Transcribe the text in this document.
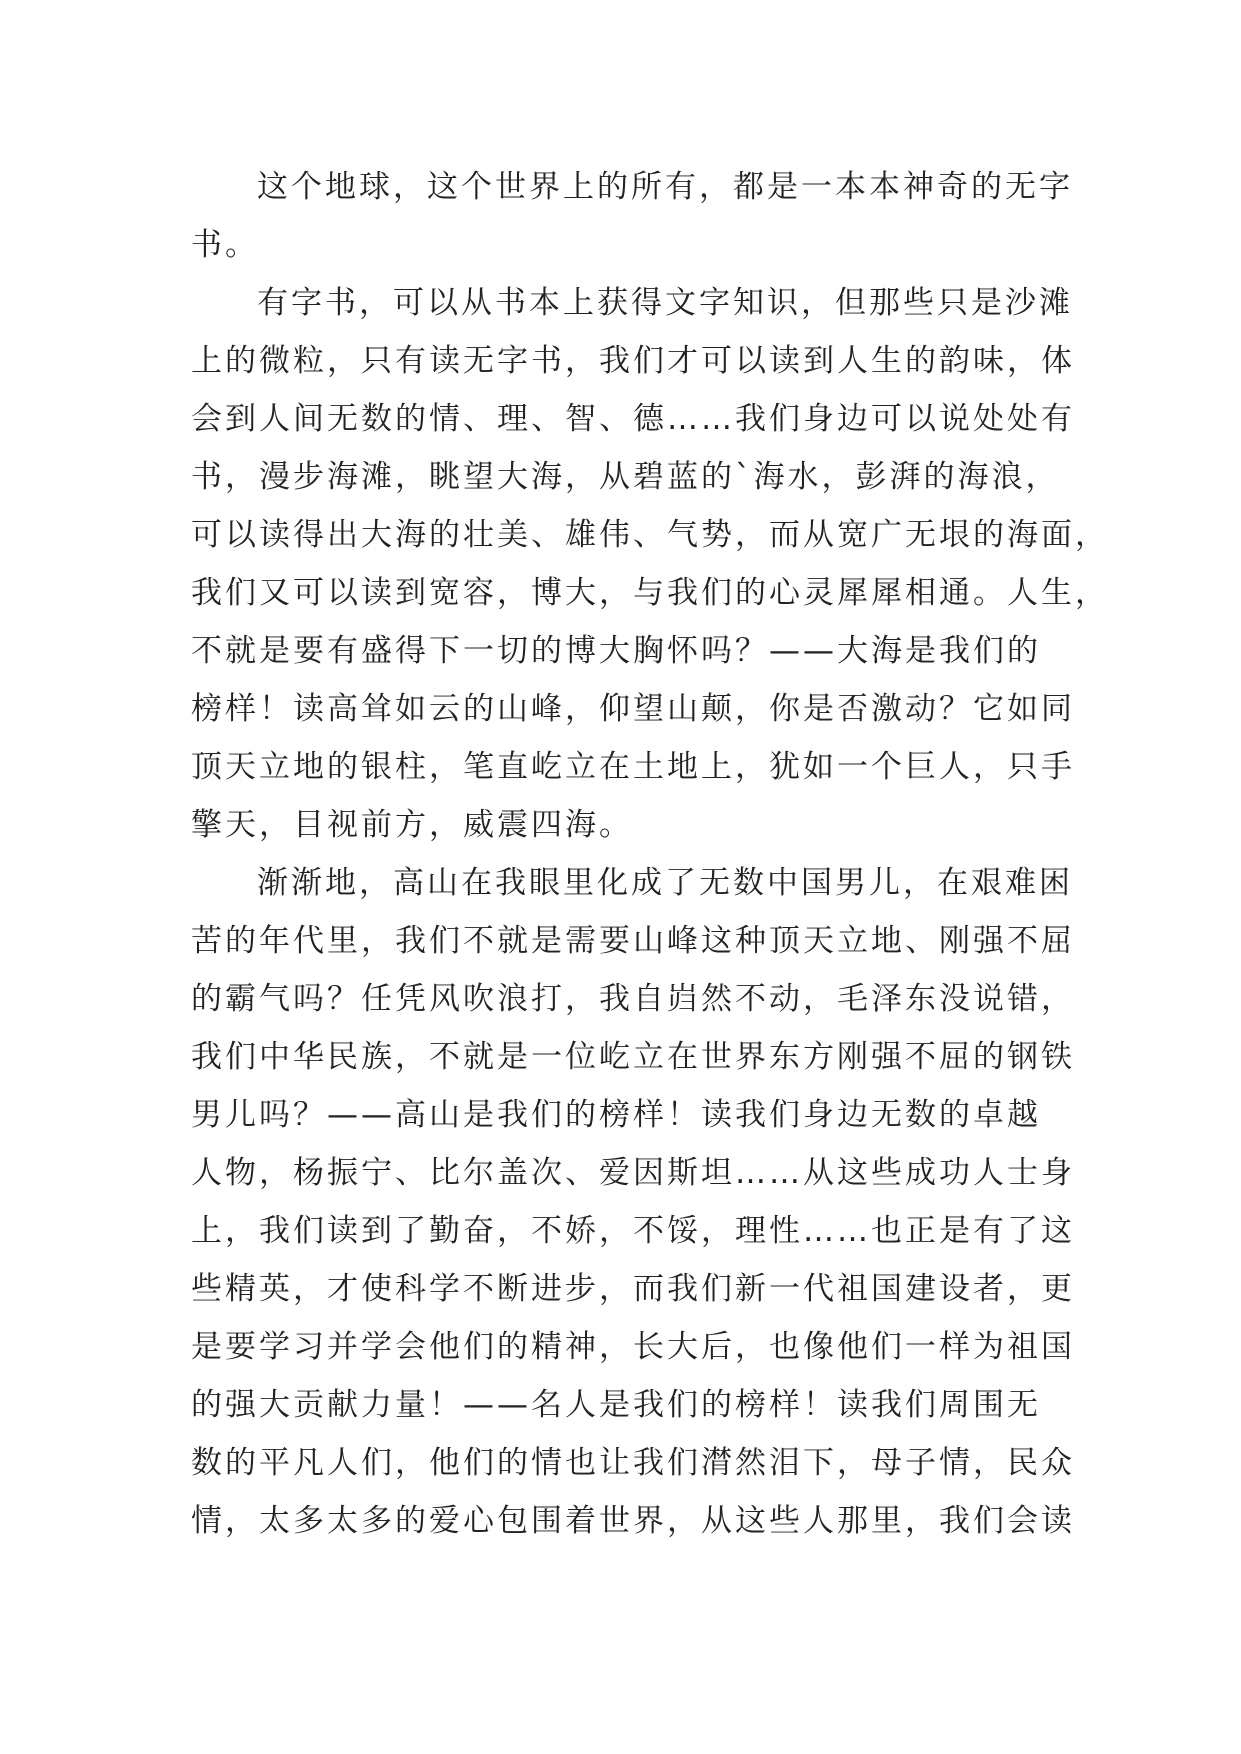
这个地球，这个世界上的所有，都是一本本神奇的无字
书。
有字书，可以从书本上获得文字知识，但那些只是沙滩
上的微粒，只有读无字书，我们才可以读到人生的韵味，体
会到人间无数的情、理、智、德……我们身边可以说处处有
书，漫步海滩，眺望大海，从碧蓝的`海水，彭湃的海浪，
可以读得出大海的壮美、雄伟、气势，而从宽广无垠的海面，
我们又可以读到宽容，博大，与我们的心灵犀犀相通。人生，
不就是要有盛得下一切的博大胸怀吗？——大海是我们的
榜样！读高耸如云的山峰，仰望山颠，你是否激动？它如同
顶天立地的银柱，笔直屹立在土地上，犹如一个巨人，只手
擎天，目视前方，威震四海。
渐渐地，高山在我眼里化成了无数中国男儿，在艰难困
苦的年代里，我们不就是需要山峰这种顶天立地、刚强不屈
的霸气吗？任凭风吹浪打，我自岿然不动，毛泽东没说错，
我们中华民族，不就是一位屹立在世界东方刚强不屈的钢铁
男儿吗？——高山是我们的榜样！读我们身边无数的卓越
人物，杨振宁、比尔盖次、爱因斯坦……从这些成功人士身
上，我们读到了勤奋，不娇，不馁，理性……也正是有了这
些精英，才使科学不断进步，而我们新一代祖国建设者，更
是要学习并学会他们的精神，长大后，也像他们一样为祖国
的强大贡献力量！——名人是我们的榜样！读我们周围无
数的平凡人们，他们的情也让我们潸然泪下，母子情，民众
情，太多太多的爱心包围着世界，从这些人那里，我们会读
